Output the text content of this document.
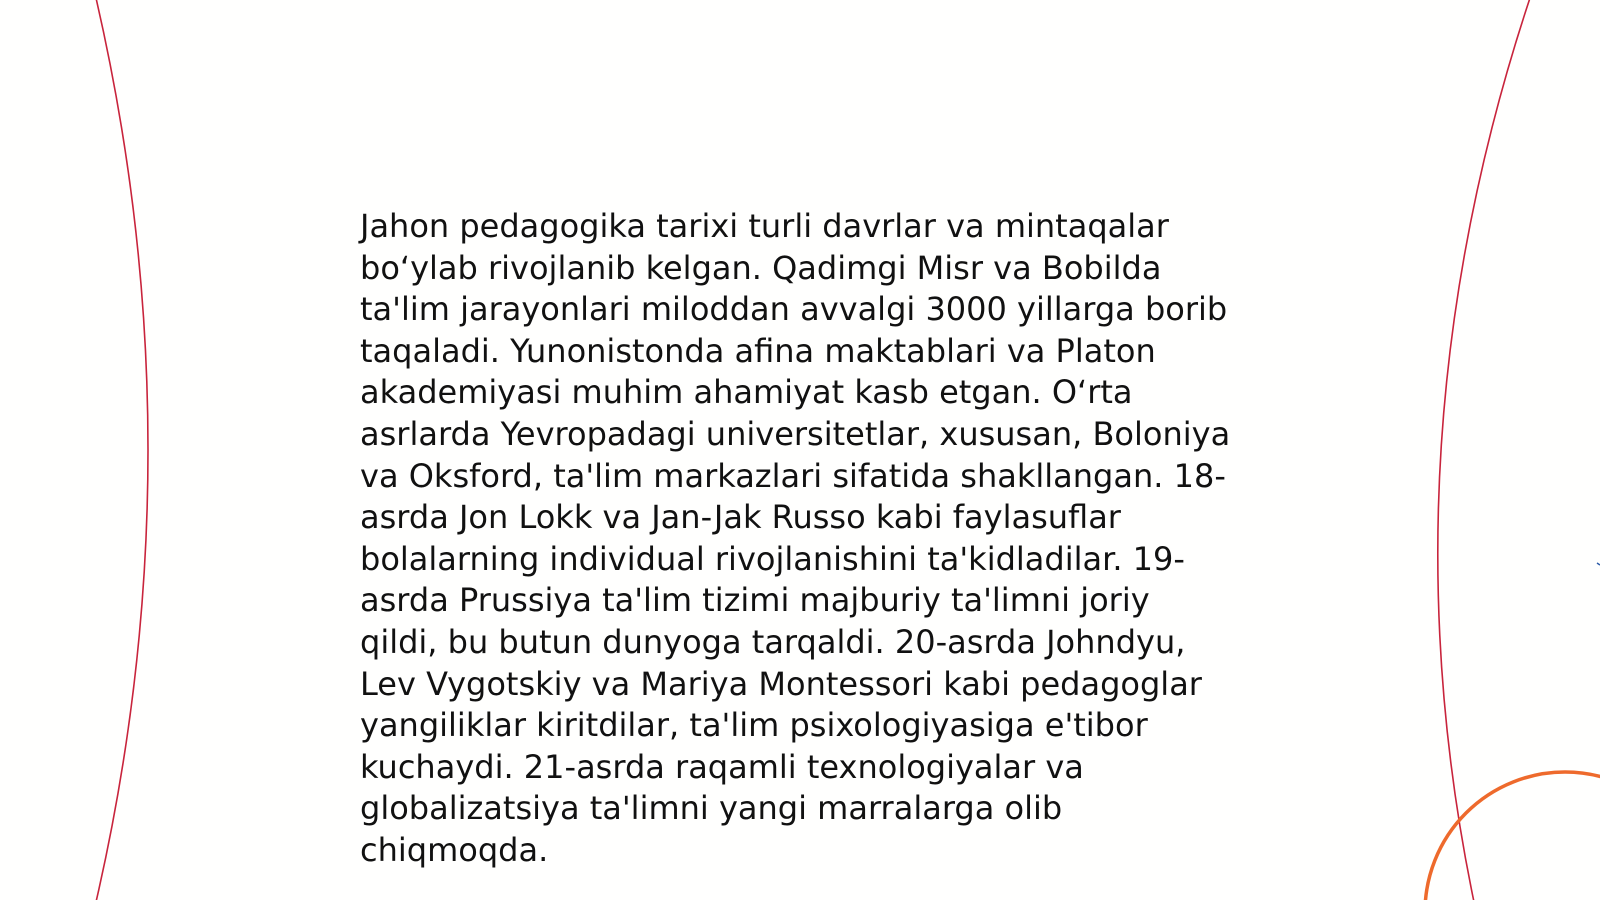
Jahon pedagogika tarixi turli davrlar va mintaqalar
bo‘ylab rivojlanib kelgan. Qadimgi Misr va Bobilda
ta'lim jarayonlari miloddan avvalgi 3000 yillarga borib
taqaladi. Yunonistonda afina maktablari va Platon
akademiyasi muhim ahamiyat kasb etgan. O‘rta
asrlarda Yevropadagi universitetlar, xususan, Boloniya
va Oksford, ta'lim markazlari sifatida shakllangan. 18-
asrda Jon Lokk va Jan-Jak Russo kabi faylasuflar
bolalarning individual rivojlanishini ta'kidladilar. 19-
asrda Prussiya ta'lim tizimi majburiy ta'limni joriy
qildi, bu butun dunyoga tarqaldi. 20-asrda Johndyu,
Lev Vygotskiy va Mariya Montessori kabi pedagoglar
yangiliklar kiritdilar, ta'lim psixologiyasiga e'tibor
kuchaydi. 21-asrda raqamli texnologiyalar va
globalizatsiya ta'limni yangi marralarga olib
chiqmoqda.
